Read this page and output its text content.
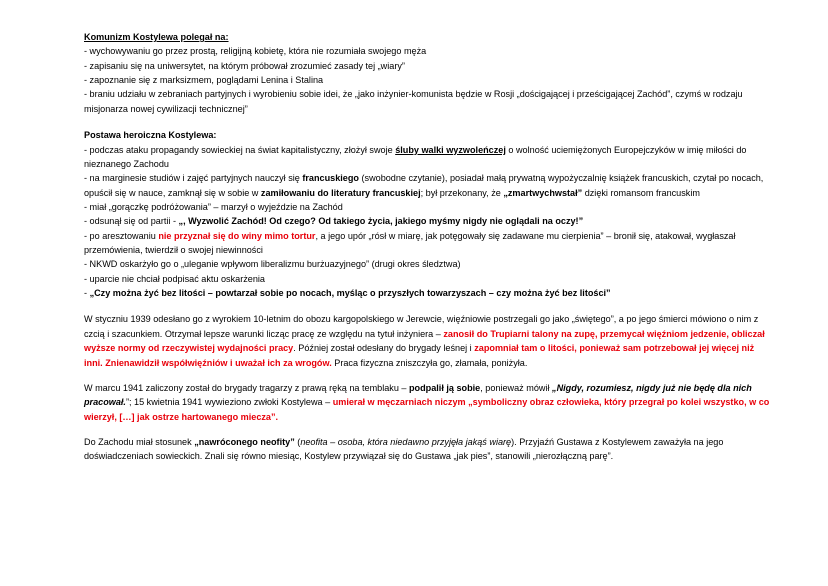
Komunizm Kostylewa polegał na:
- wychowywaniu go przez prostą, religijną kobietę, która nie rozumiała swojego męża
- zapisaniu się na uniwersytet, na którym próbował zrozumieć zasady tej „wiary”
- zapoznanie się z marksizmem, poglądami Lenina i Stalina
- braniu udziału w zebraniach partyjnych i wyrobieniu sobie idei, że „jako inżynier-komunista będzie w Rosji „dościgającej i prześcigającej Zachód”, czymś w rodzaju misjonarza nowej cywilizacji technicznej”

Postawa heroiczna Kostylewa:
- podczas ataku propagandy sowieckiej na świat kapitalistyczny, złożył swoje śluby walki wyzwoleńczej o wolność uciemiężonych Europejczyków w imię miłości do nieznanego Zachodu
- na marginesie studiów i zajęć partyjnych nauczył się francuskiego (swobodne czytanie), posiadał małą prywatną wypożyczalnię książek francuskich, czytał po nocach, opuścił się w nauce, zamknął się w sobie w zamiłowaniu do literatury francuskiej; był przekonany, że „zmartwychwstał” dzięki romansom francuskim
- miał „gorączkę podróżowania” – marzył o wyjeździe na Zachód
- odsunął się od partii - „, Wyzwolić Zachód! Od czego? Od takiego życia, jakiego myśmy nigdy nie oglądali na oczy!”
- po aresztowaniu nie przyznał się do winy mimo tortur, a jego upór „rósł w miarę, jak potęgowały się zadawane mu cierpienia” – bronił się, atakował, wygłaszał przemówienia, twierdził o swojej niewinności
- NKWD oskarżyło go o „uleganie wpływom liberalizmu burżuazyjnego” (drugi okres śledztwa)
- uparcie nie chciał podpisać aktu oskarżenia
- „Czy można żyć bez litości – powtarzał sobie po nocach, myśląc o przyszłych towarzyszach – czy można żyć bez litości”

W styczniu 1939 odesłano go z wyrokiem 10-letnim do obozu kargopolskiego w Jerewcie, więźniowie postrzegali go jako „świętego”, a po jego śmierci mówiono o nim z czcią i szacunkiem. Otrzymał lepsze warunki licząc pracę ze względu na tytuł inżyniera – zanosił do Trupiarni talony na zupę, przemycał więźniom jedzenie, obliczał wyższe normy od rzeczywistej wydajności pracy. Później został odesłany do brygady leśnej i zapomniał tam o litości, ponieważ sam potrzebował jej więcej niż inni. Znienawidził współwięźniów i uważał ich za wrogów. Praca fizyczna zniszczyła go, złamała, poniżyła.

W marcu 1941 zaliczony został do brygady tragarzy z prawą ręką na temblaku – podpalił ją sobie, ponieważ mówił „Nigdy, rozumiesz, nigdy już nie będę dla nich pracował.”; 15 kwietnia 1941 wywieziono zwłoki Kostylewa – umierał w męczarniach niczym „symboliczny obraz człowieka, który przegrał po kolei wszystko, w co wierzył, […] jak ostrze hartowanego mieczа”.

Do Zachodu miał stosunek „nawróconego neofity” (neofita – osoba, która niedawno przyjęła jakąś wiarę). Przyjaźń Gustawa z Kostylewem zaważyła na jego doświadczeniach sowieckich. Znali się równo miesiąc, Kostylew przywiązał się do Gustawa „jak pies”, stanowili „nierozłączną parę”.
